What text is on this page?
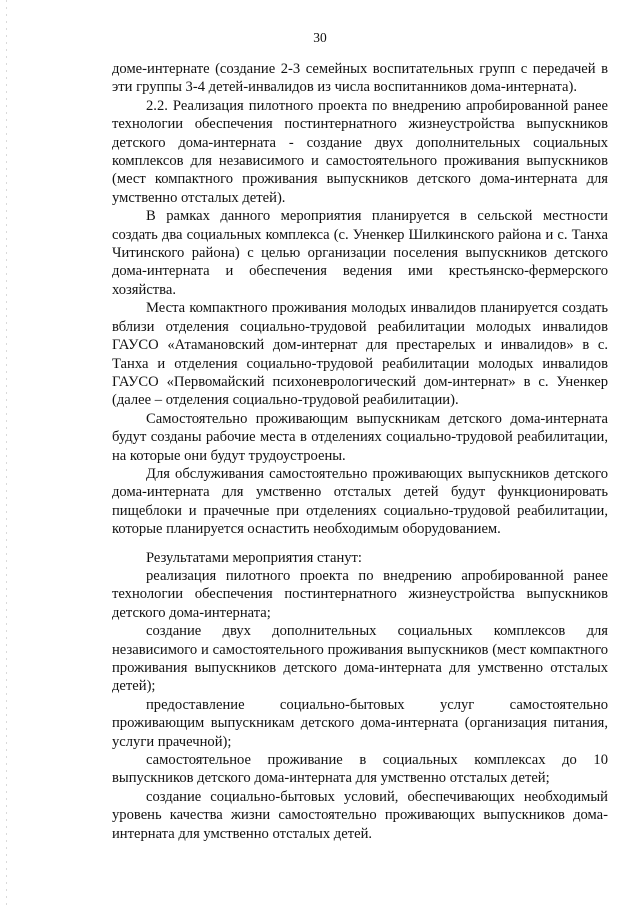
30

доме-интернате (создание 2-3 семейных воспитательных групп с передачей в эти группы 3-4 детей-инвалидов из числа воспитанников дома-интерната).

2.2. Реализация пилотного проекта по внедрению апробированной ранее технологии обеспечения постинтернатного жизнеустройства выпускников детского дома-интерната - создание двух дополнительных социальных комплексов для независимого и самостоятельного проживания выпускников (мест компактного проживания выпускников детского дома-интерната для умственно отсталых детей).

В рамках данного мероприятия планируется в сельской местности создать два социальных комплекса (с. Уненкер Шилкинского района и с. Танха Читинского района) с целью организации поселения выпускников детского дома-интерната и обеспечения ведения ими крестьянско-фермерского хозяйства.

Места компактного проживания молодых инвалидов планируется создать вблизи отделения социально-трудовой реабилитации молодых инвалидов ГАУСО «Атамановский дом-интернат для престарелых и инвалидов» в с. Танха и отделения социально-трудовой реабилитации молодых инвалидов ГАУСО «Первомайский психоневрологический дом-интернат» в с. Уненкер (далее – отделения социально-трудовой реабилитации).

Самостоятельно проживающим выпускникам детского дома-интерната будут созданы рабочие места в отделениях социально-трудовой реабилитации, на которые они будут трудоустроены.

Для обслуживания самостоятельно проживающих выпускников детского дома-интерната для умственно отсталых детей будут функционировать пищеблоки и прачечные при отделениях социально-трудовой реабилитации, которые планируется оснастить необходимым оборудованием.

Результатами мероприятия станут:

реализация пилотного проекта по внедрению апробированной ранее технологии обеспечения постинтернатного жизнеустройства выпускников детского дома-интерната;

создание двух дополнительных социальных комплексов для независимого и самостоятельного проживания выпускников (мест компактного проживания выпускников детского дома-интерната для умственно отсталых детей);

предоставление социально-бытовых услуг самостоятельно проживающим выпускникам детского дома-интерната (организация питания, услуги прачечной);

самостоятельное проживание в социальных комплексах до 10 выпускников детского дома-интерната для умственно отсталых детей;

создание социально-бытовых условий, обеспечивающих необходимый уровень качества жизни самостоятельно проживающих выпускников дома-интерната для умственно отсталых детей.
